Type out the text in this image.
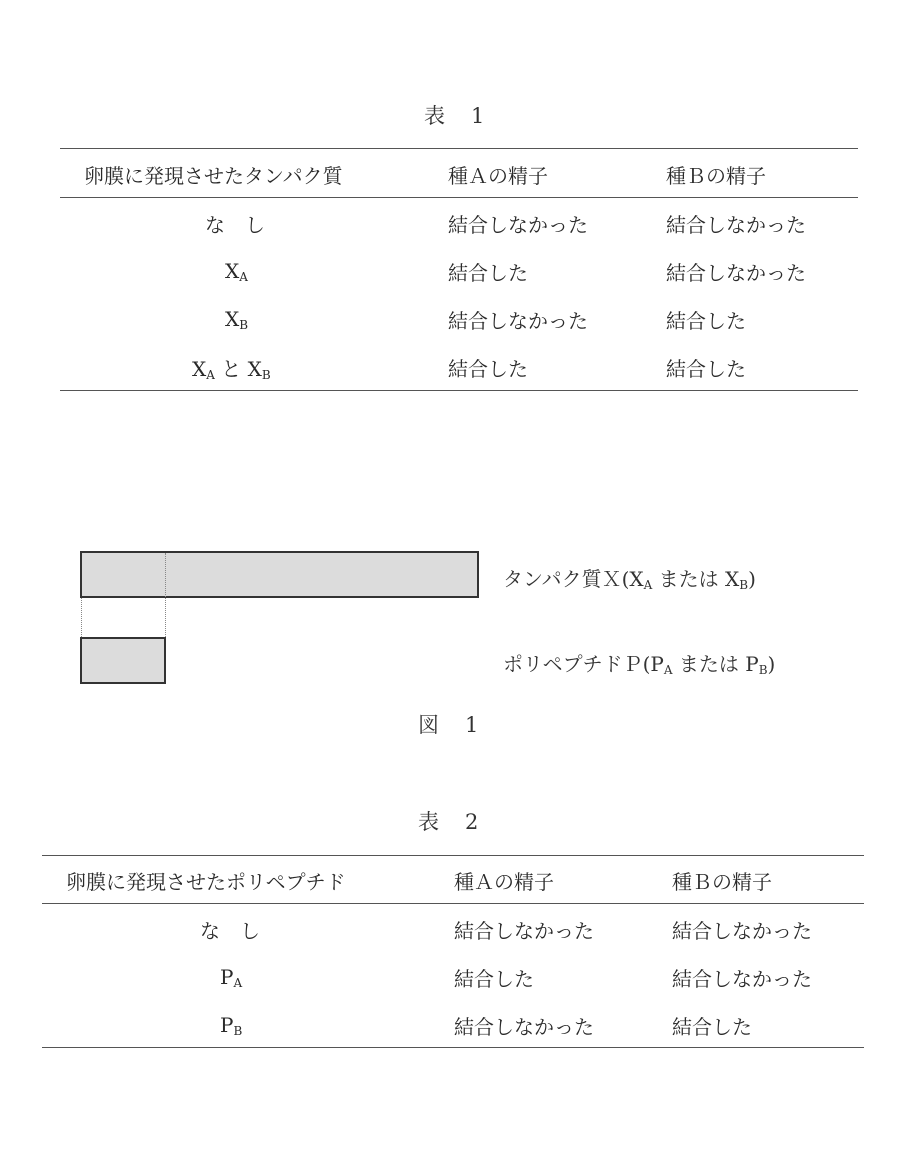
表 1
卵膜に発現させたタンパク質	種Ａの精子	種Ｂの精子
な　し	結合しなかった	結合しなかった
$X_A$	結合した	結合しなかった
$X_B$	結合しなかった	結合した
$X_A$ と $X_B$	結合した	結合した
タンパク質$X(X_A$ または $X_B$)
ポリペプチド$P(P_A$ または $P_B$)
図 1
表 2
卵膜に発現させたポリペプチド	種Ａの精子	種Ｂの精子
な　し	結合しなかった	結合しなかった
$P_A$	結合した	結合しなかった
$P_B$	結合しなかった	結合した
